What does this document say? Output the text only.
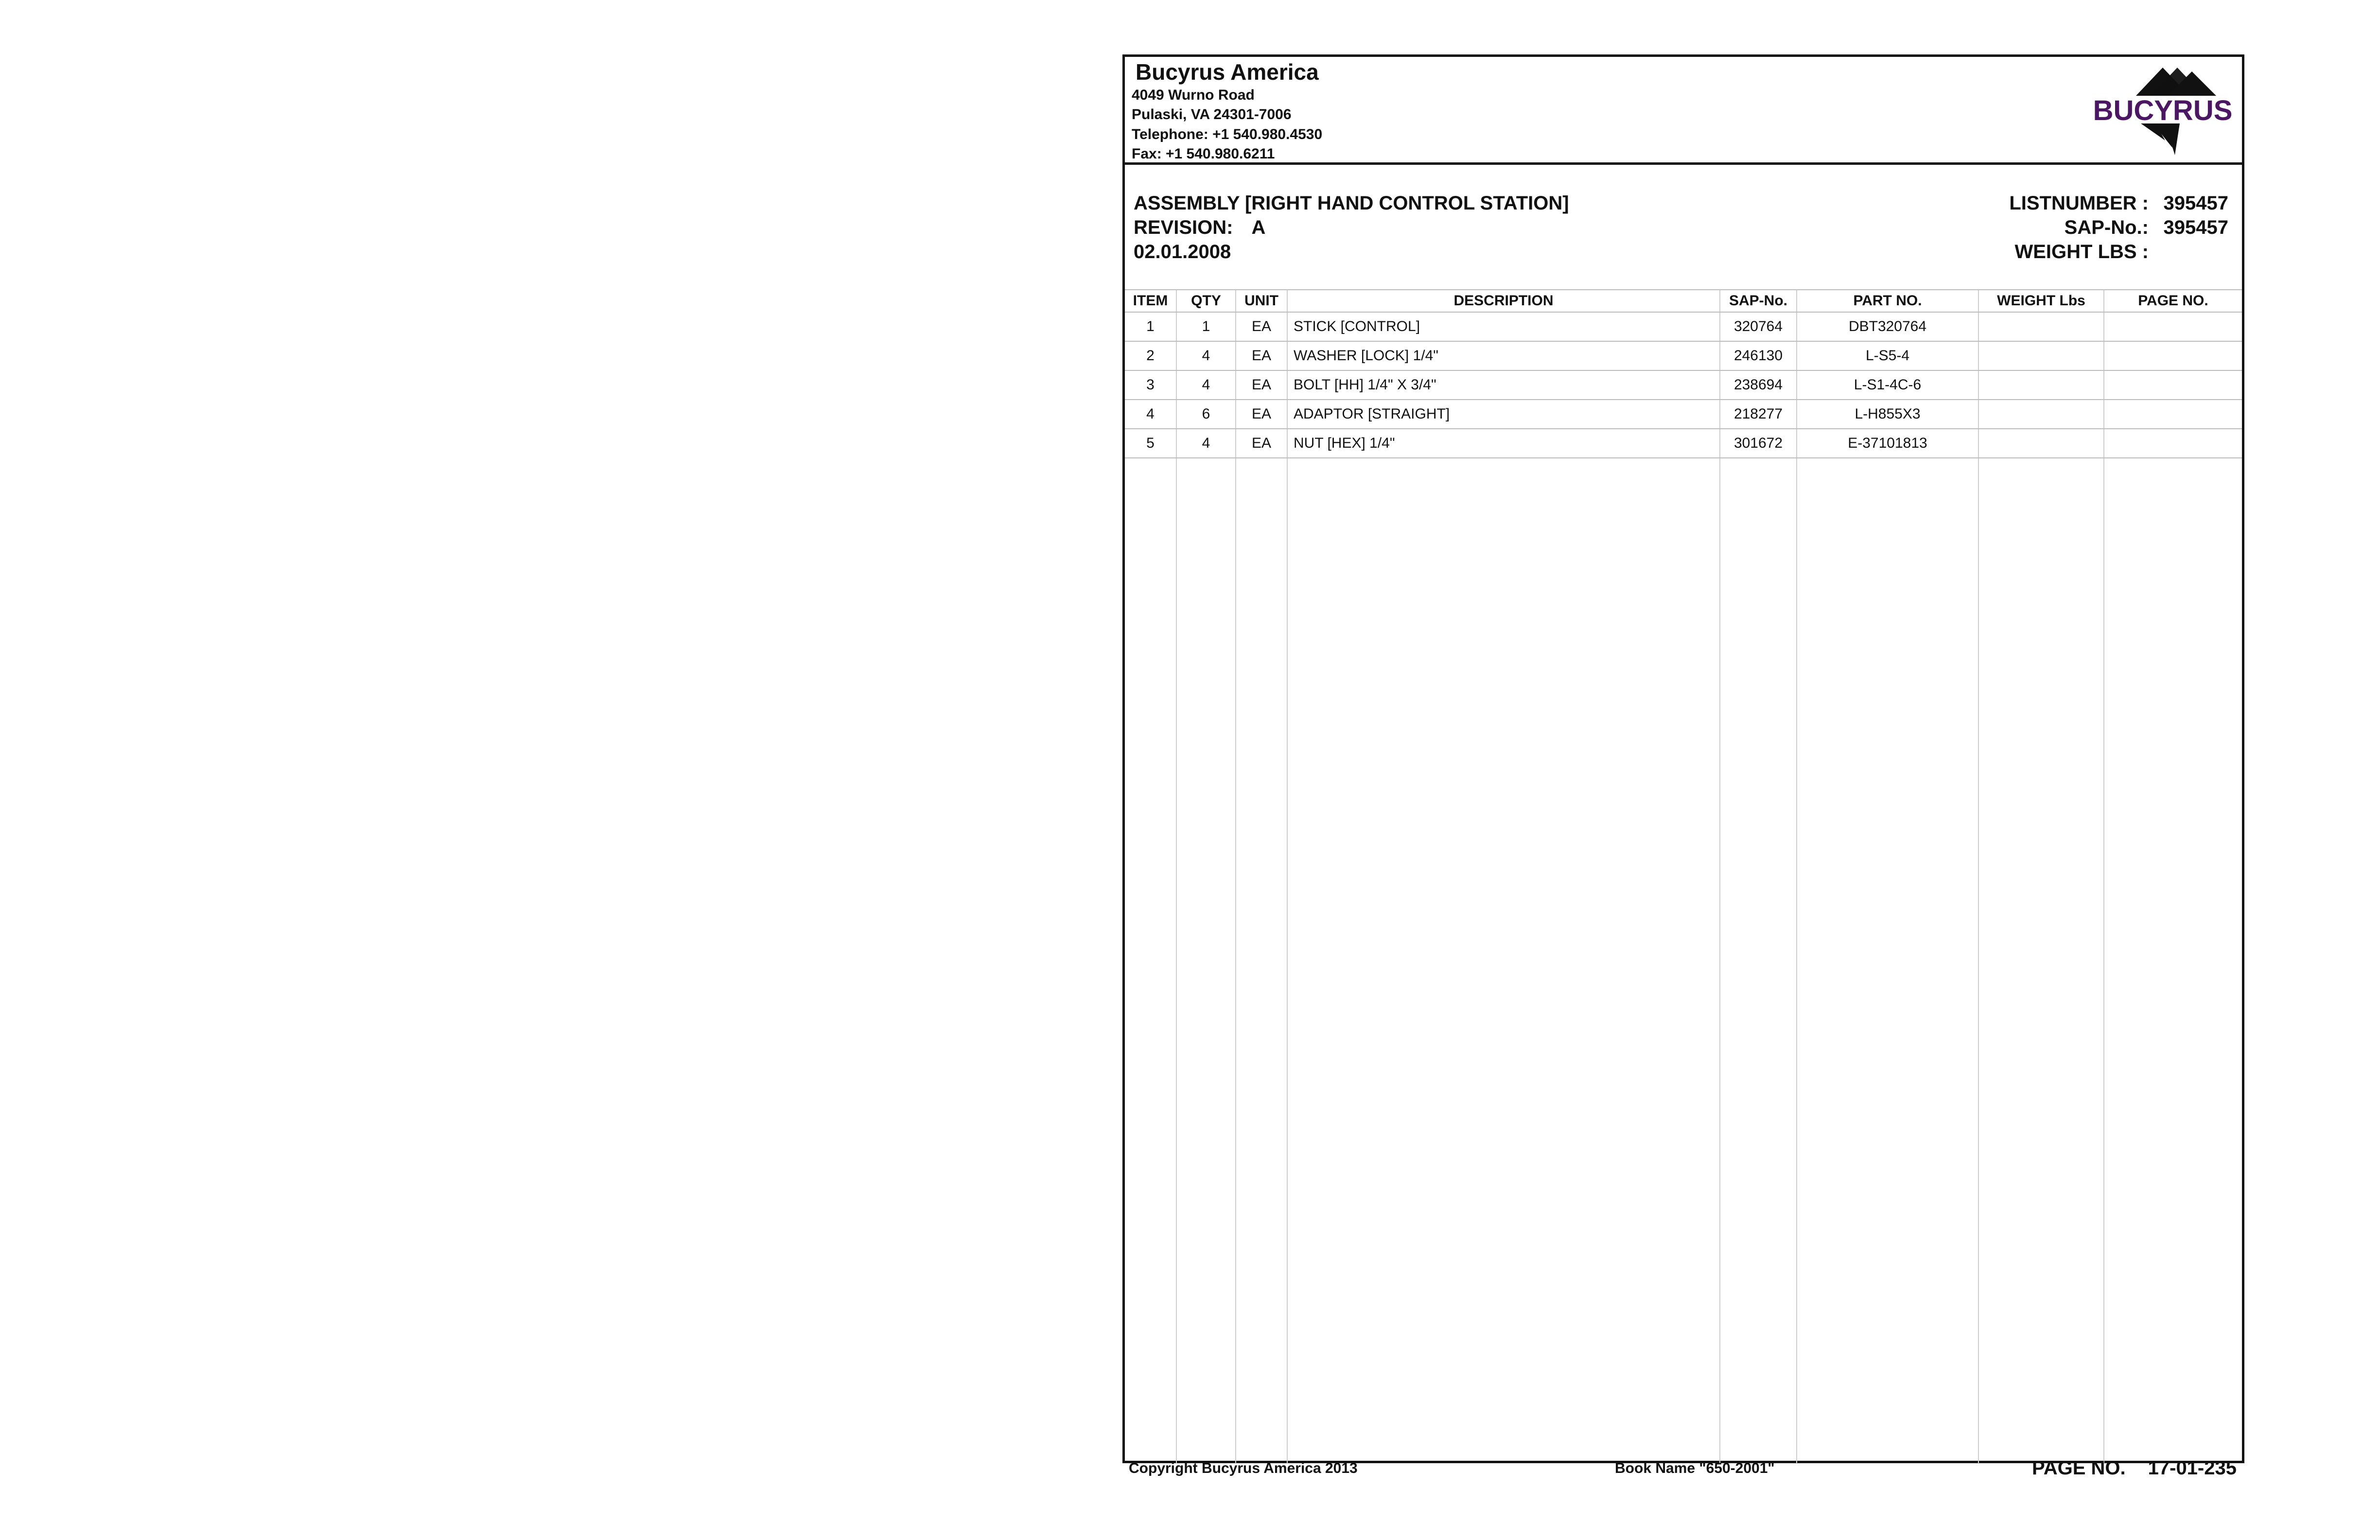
Bucyrus America
4049 Wurno Road
Pulaski, VA 24301-7006
Telephone: +1 540.980.4530
Fax: +1 540.980.6211
BUCYRUS
ASSEMBLY [RIGHT HAND CONTROL STATION]
REVISION: A
02.01.2008
LISTNUMBER : 395457
SAP-No.: 395457
WEIGHT LBS :
ITEM	QTY	UNIT	DESCRIPTION	SAP-No.	PART NO.	WEIGHT Lbs	PAGE NO.
1	1	EA	STICK [CONTROL]	320764	DBT320764		
2	4	EA	WASHER [LOCK] 1/4"	246130	L-S5-4		
3	4	EA	BOLT [HH] 1/4" X 3/4"	238694	L-S1-4C-6		
4	6	EA	ADAPTOR [STRAIGHT]	218277	L-H855X3		
5	4	EA	NUT [HEX] 1/4"	301672	E-37101813		

Copyright Bucyrus America 2013	Book Name "650-2001"	PAGE NO. 17-01-235
